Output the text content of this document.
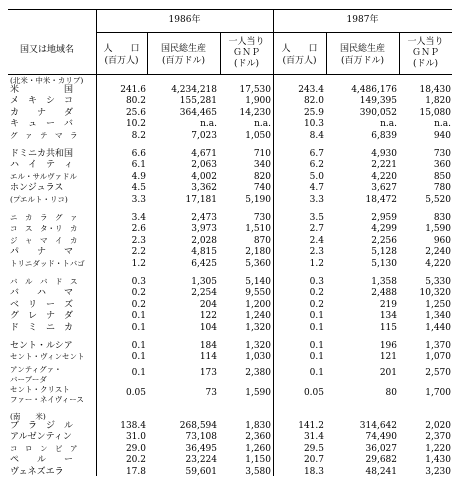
国又は地域名
1986年	1987年
人　　口
(百万人)
国民総生産
(百万ドル)
一人当り
ＧＮＰ
(ドル)
人　　口
(百万人)
国民総生産
(百万ドル)
一人当り
ＧＮＰ
(ドル)
(北米・中米・カリブ)
米　　　　　国	241.6	4,234,218	17,530	243.4	4,486,176	18,430
メ　キ　シ　コ	80.2	155,281	1,900	82.0	149,395	1,820
カ　　ナ　　ダ	25.6	364,465	14,230	25.9	390,052	15,080
キ　ュ　ー　バ	10.2	n.a.	n.a.	10.3	n.a.	n.a.
グ　ァ　テ　マ　ラ	8.2	7,023	1,050	8.4	6,839	940
ドミニカ共和国	6.6	4,671	710	6.7	4,930	730
ハ　イ　テ　ィ	6.1	2,063	340	6.2	2,221	360
エル・サルヴァドル	4.9	4,002	820	5.0	4,220	850
ホンジュラス	4.5	3,362	740	4.7	3,627	780
(プエルト・リコ)	3.3	17,181	5,190	3.3	18,472	5,520
ニ　カ　ラ　グ　ァ	3.4	2,473	730	3.5	2,959	830
コ　ス　タ・リ　カ	2.6	3,973	1,510	2.7	4,299	1,590
ジ　ャ　マ　イ　カ	2.3	2,028	870	2.4	2,256	960
パ　　ナ　　マ	2.2	4,815	2,180	2.3	5,128	2,240
トリニダッド・トバゴ	1.2	6,425	5,360	1.2	5,130	4,220
バ　ル　バ　ド　ス	0.3	1,305	5,140	0.3	1,358	5,330
バ　　ハ　　マ	0.2	2,254	9,550	0.2	2,488	10,320
ベ　リ　ー　ズ	0.2	204	1,200	0.2	219	1,250
グ　レ　ナ　ダ	0.1	122	1,240	0.1	134	1,340
ド　ミ　ニ　カ	0.1	104	1,320	0.1	115	1,440
セント・ルシア	0.1	184	1,320	0.1	196	1,370
セント・ヴィンセント	0.1	114	1,030	0.1	121	1,070
アンティグァ・
バーブーダ
0.1	173	2,380	0.1	201	2,570
セント・クリスト
ファー・ネイヴィース
0.05	73	1,590	0.05	80	1,700
(南　　米)
ブ　ラ　ジ　ル	138.4	268,594	1,830	141.2	314,642	2,020
アルゼンティン	31.0	73,108	2,360	31.4	74,490	2,370
コ　ロ　ン　ビ　ア	29.0	36,495	1,260	29.5	36,027	1,220
ペ　　ル　　ー	20.2	23,224	1,150	20.7	29,682	1,430
ヴェネズエラ	17.8	59,601	3,580	18.3	48,241	3,230
